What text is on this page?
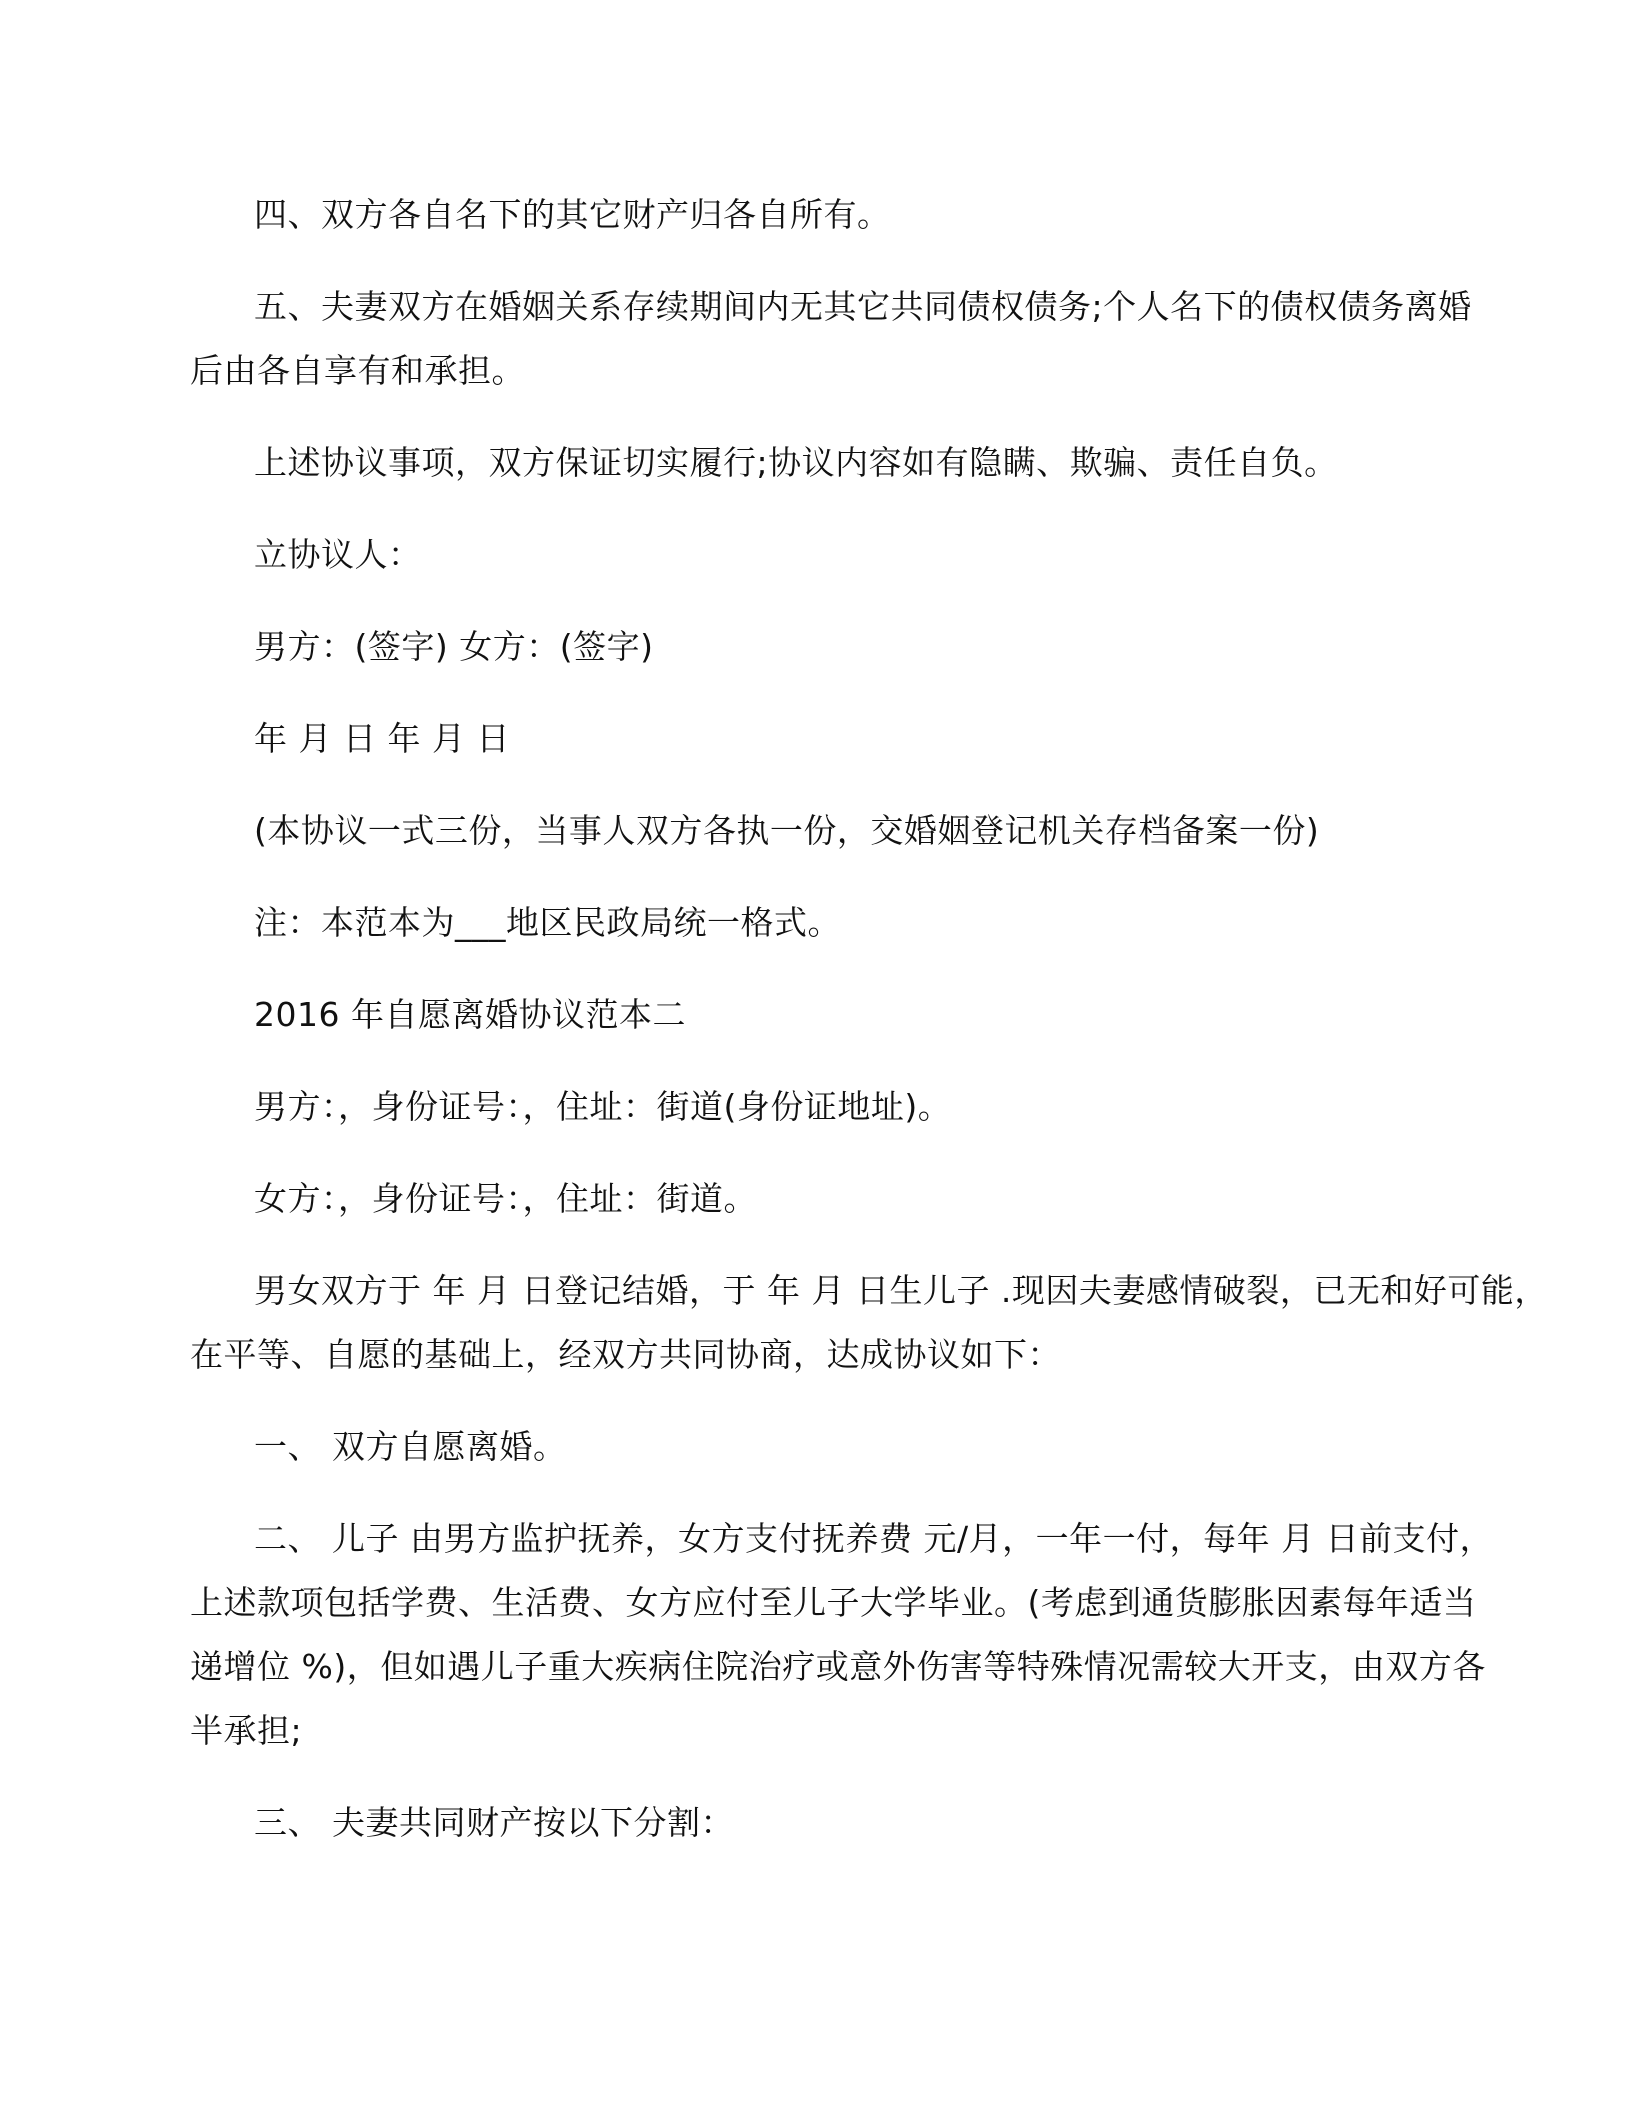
四、双方各自名下的其它财产归各自所有。
五、夫妻双方在婚姻关系存续期间内无其它共同债权债务;个人名下的债权债务离婚
后由各自享有和承担。
上述协议事项，双方保证切实履行;协议内容如有隐瞒、欺骗、责任自负。
立协议人：
男方：(签字) 女方：(签字)
年 月 日 年 月 日
(本协议一式三份，当事人双方各执一份，交婚姻登记机关存档备案一份)
注：本范本为___地区民政局统一格式。
2016 年自愿离婚协议范本二
男方：，身份证号：，住址：街道(身份证地址)。
女方：，身份证号：，住址：街道。
男女双方于 年 月 日登记结婚，于 年 月 日生儿子 .现因夫妻感情破裂，已无和好可能，
在平等、自愿的基础上，经双方共同协商，达成协议如下：
一、 双方自愿离婚。
二、 儿子 由男方监护抚养，女方支付抚养费 元/月，一年一付，每年 月 日前支付，
上述款项包括学费、生活费、女方应付至儿子大学毕业。(考虑到通货膨胀因素每年适当
递增位 %)，但如遇儿子重大疾病住院治疗或意外伤害等特殊情况需较大开支，由双方各
半承担;
三、 夫妻共同财产按以下分割：
